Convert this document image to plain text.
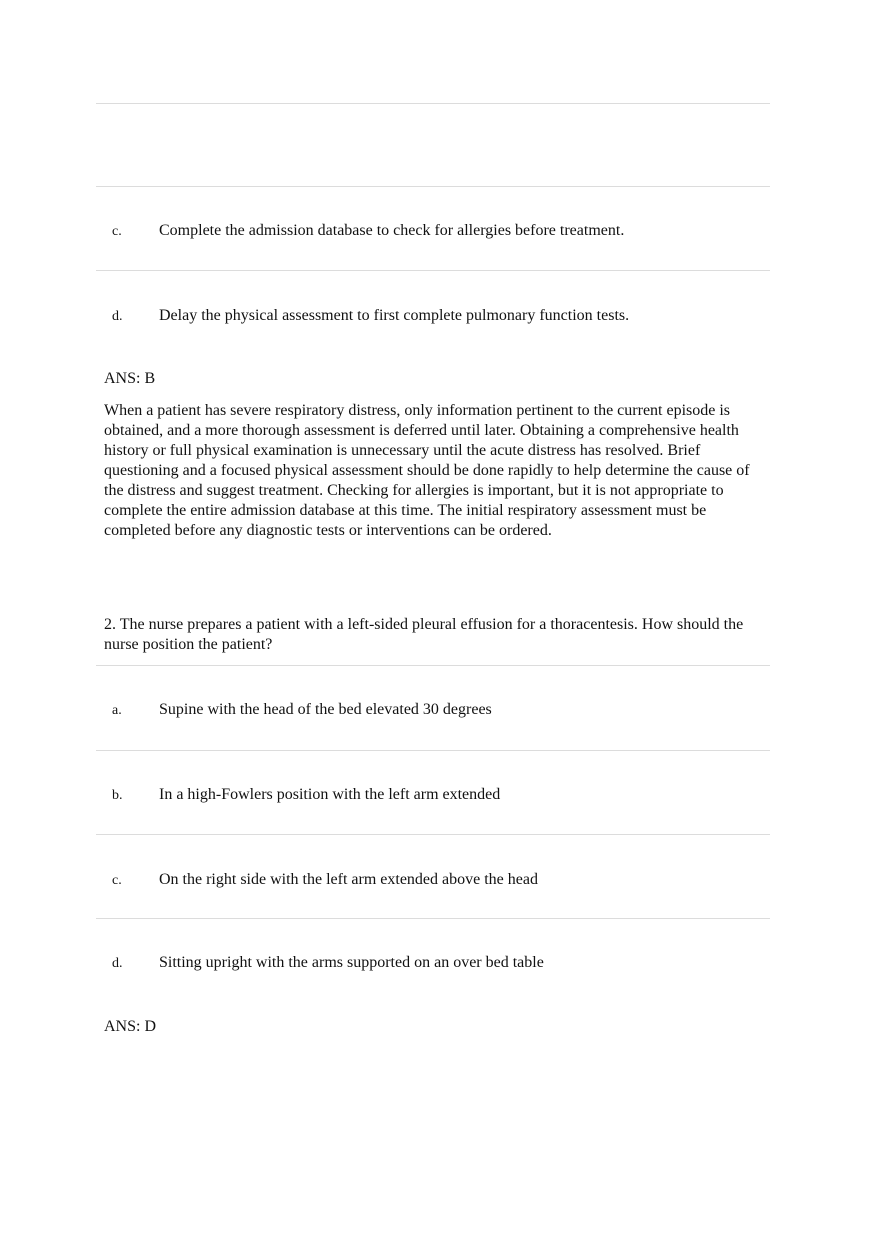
c. Complete the admission database to check for allergies before treatment.
d. Delay the physical assessment to first complete pulmonary function tests.
ANS: B
When a patient has severe respiratory distress, only information pertinent to the current episode is obtained, and a more thorough assessment is deferred until later. Obtaining a comprehensive health history or full physical examination is unnecessary until the acute distress has resolved. Brief questioning and a focused physical assessment should be done rapidly to help determine the cause of the distress and suggest treatment. Checking for allergies is important, but it is not appropriate to complete the entire admission database at this time. The initial respiratory assessment must be completed before any diagnostic tests or interventions can be ordered.
2. The nurse prepares a patient with a left-sided pleural effusion for a thoracentesis. How should the nurse position the patient?
a. Supine with the head of the bed elevated 30 degrees
b. In a high-Fowlers position with the left arm extended
c. On the right side with the left arm extended above the head
d. Sitting upright with the arms supported on an over bed table
ANS: D
